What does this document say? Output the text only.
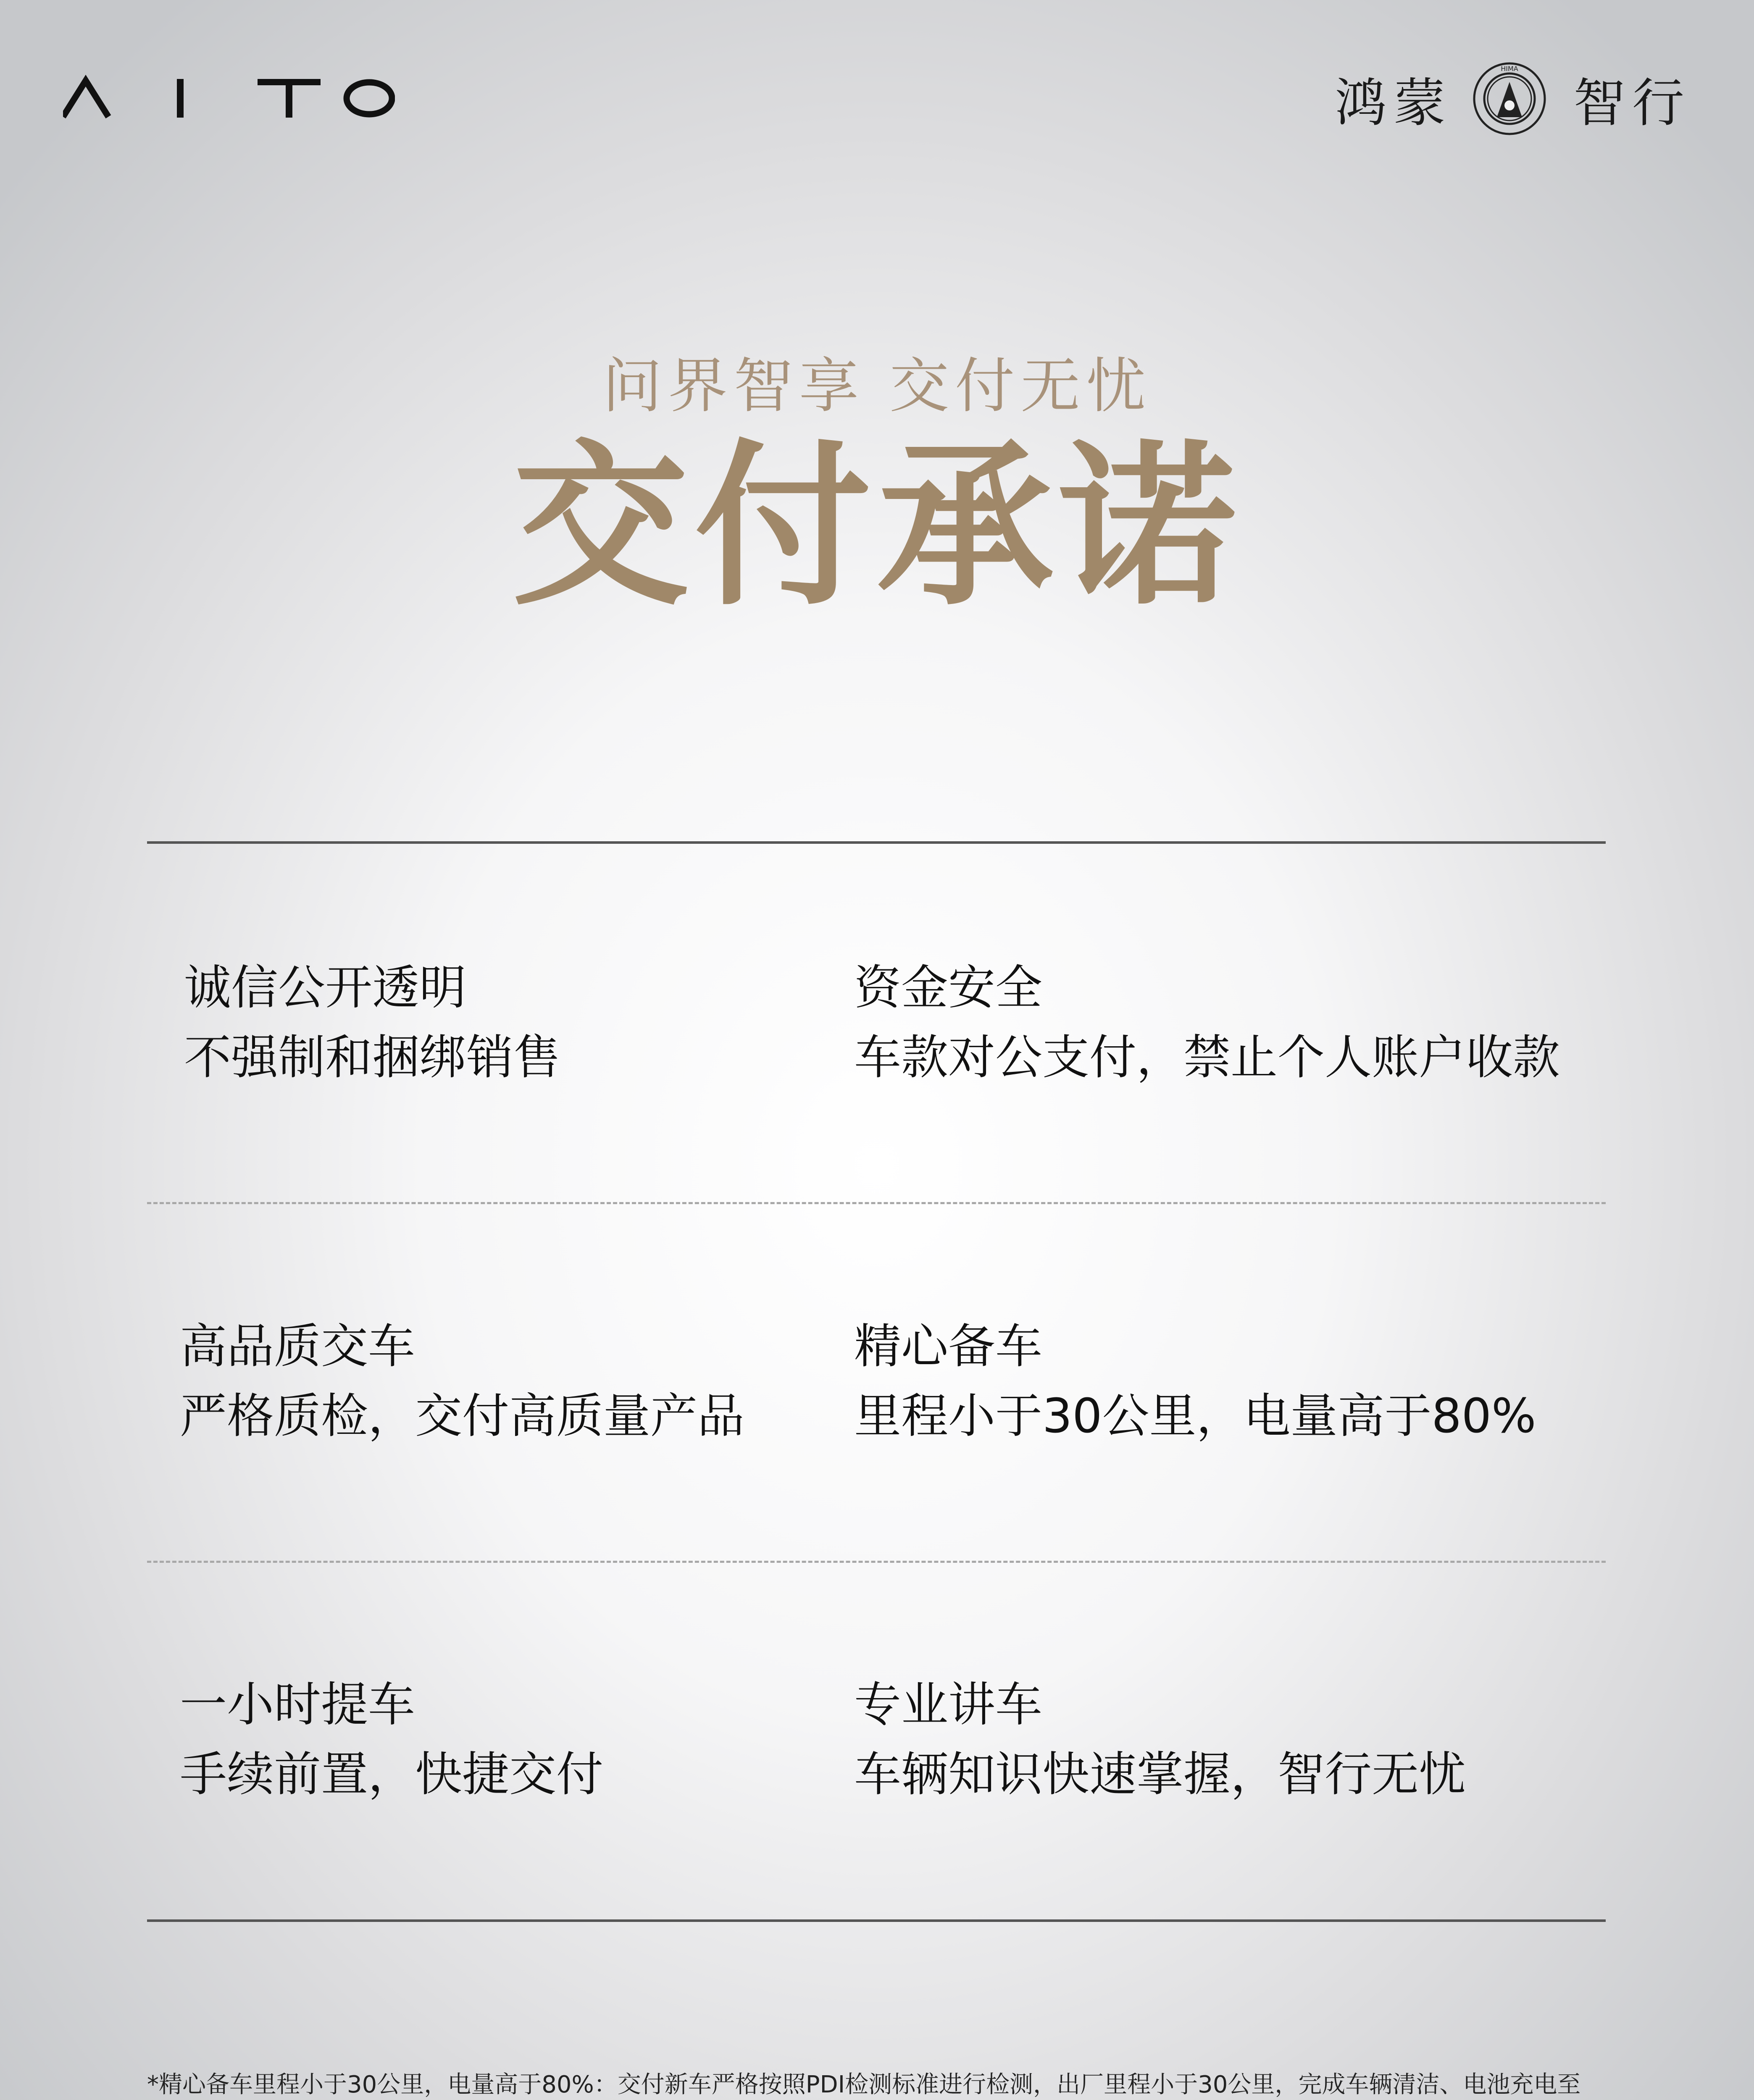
鸿蒙
HIMA
智行
问界智享 交付无忧
交付承诺
诚信公开透明
不强制和捆绑销售
资金安全
车款对公支付，禁止个人账户收款
高品质交车
严格质检，交付高质量产品
精心备车
里程小于30公里，电量高于80%
一小时提车
手续前置，快捷交付
专业讲车
车辆知识快速掌握，智行无忧

*精心备车里程小于30公里，电量高于80%：交付新车严格按照PDI检测标准进行检测，出厂里程小于30公里，完成车辆清洁、电池充电至
